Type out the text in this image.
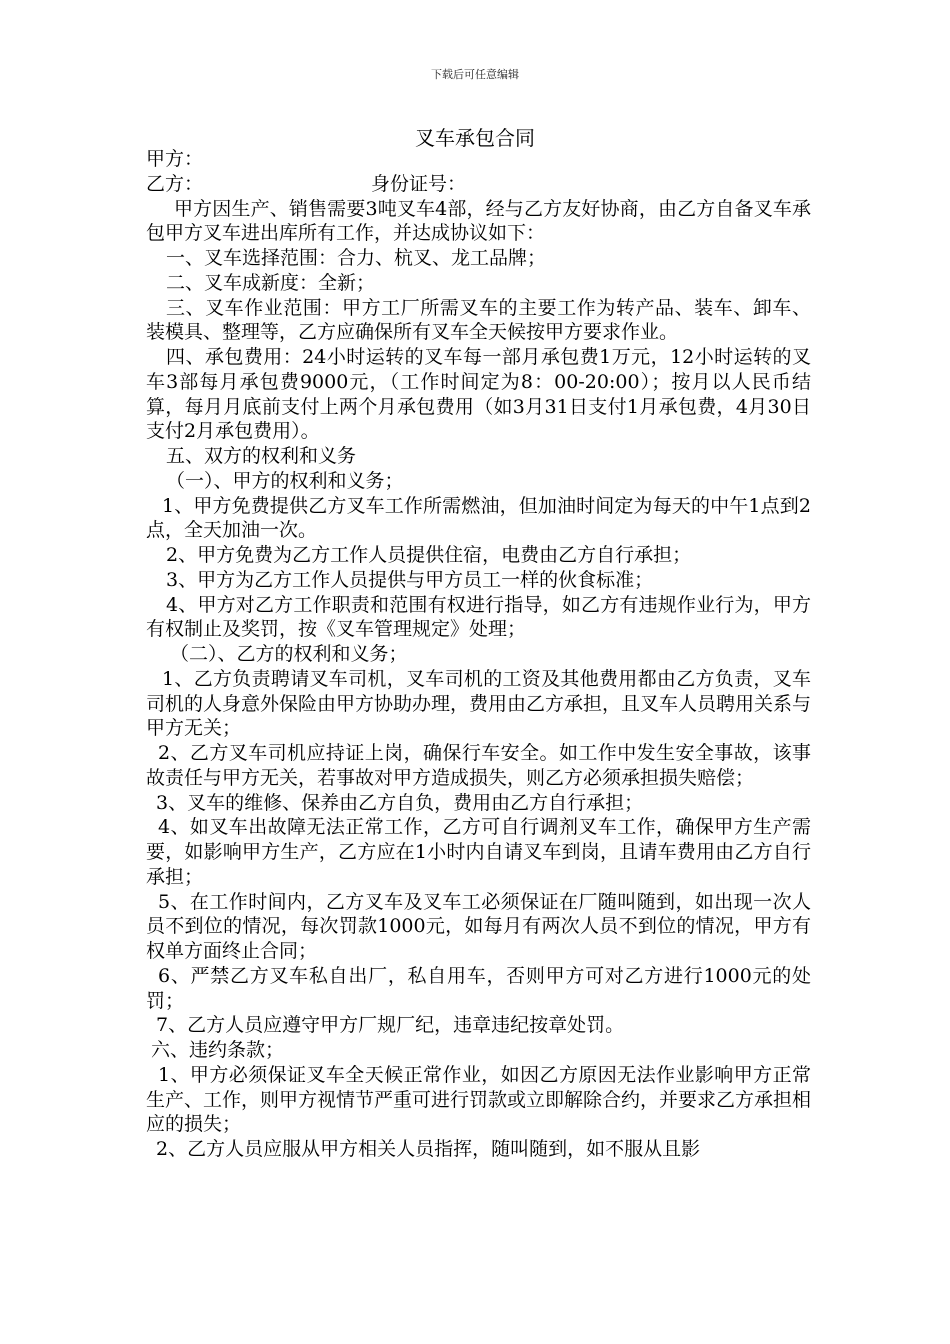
下载后可任意编辑
叉车承包合同

甲方：

乙方：	身份证号：

甲方因生产、销售需要3吨叉车4部，经与乙方友好协商，由乙方自备叉车承包甲方叉车进出库所有工作，并达成协议如下：

一、叉车选择范围：合力、杭叉、龙工品牌；

二、叉车成新度：全新；

三、叉车作业范围：甲方工厂所需叉车的主要工作为转产品、装车、卸车、装模具、整理等，乙方应确保所有叉车全天候按甲方要求作业。

四、承包费用：24小时运转的叉车每一部月承包费1万元，12小时运转的叉车3部每月承包费9000元，（工作时间定为8：00-20:00）；按月以人民币结算，每月月底前支付上两个月承包费用（如3月31日支付1月承包费，4月30日支付2月承包费用）。

五、双方的权利和义务

（一）、甲方的权利和义务；

1、甲方免费提供乙方叉车工作所需燃油，但加油时间定为每天的中午1点到2点，全天加油一次。

2、甲方免费为乙方工作人员提供住宿，电费由乙方自行承担；

3、甲方为乙方工作人员提供与甲方员工一样的伙食标准；

4、甲方对乙方工作职责和范围有权进行指导，如乙方有违规作业行为，甲方有权制止及奖罚，按《叉车管理规定》处理；

（二）、乙方的权利和义务；

1、乙方负责聘请叉车司机，叉车司机的工资及其他费用都由乙方负责，叉车司机的人身意外保险由甲方协助办理，费用由乙方承担，且叉车人员聘用关系与甲方无关；

2、乙方叉车司机应持证上岗，确保行车安全。如工作中发生安全事故，该事故责任与甲方无关，若事故对甲方造成损失，则乙方必须承担损失赔偿；

3、叉车的维修、保养由乙方自负，费用由乙方自行承担；

4、如叉车出故障无法正常工作，乙方可自行调剂叉车工作，确保甲方生产需要，如影响甲方生产，乙方应在1小时内自请叉车到岗，且请车费用由乙方自行承担；

5、在工作时间内，乙方叉车及叉车工必须保证在厂随叫随到，如出现一次人员不到位的情况，每次罚款1000元，如每月有两次人员不到位的情况，甲方有权单方面终止合同；

6、严禁乙方叉车私自出厂，私自用车，否则甲方可对乙方进行1000元的处罚；

7、乙方人员应遵守甲方厂规厂纪，违章违纪按章处罚。

六、违约条款；

1、甲方必须保证叉车全天候正常作业，如因乙方原因无法作业影响甲方正常生产、工作，则甲方视情节严重可进行罚款或立即解除合约，并要求乙方承担相应的损失；

2、乙方人员应服从甲方相关人员指挥，随叫随到，如不服从且影
